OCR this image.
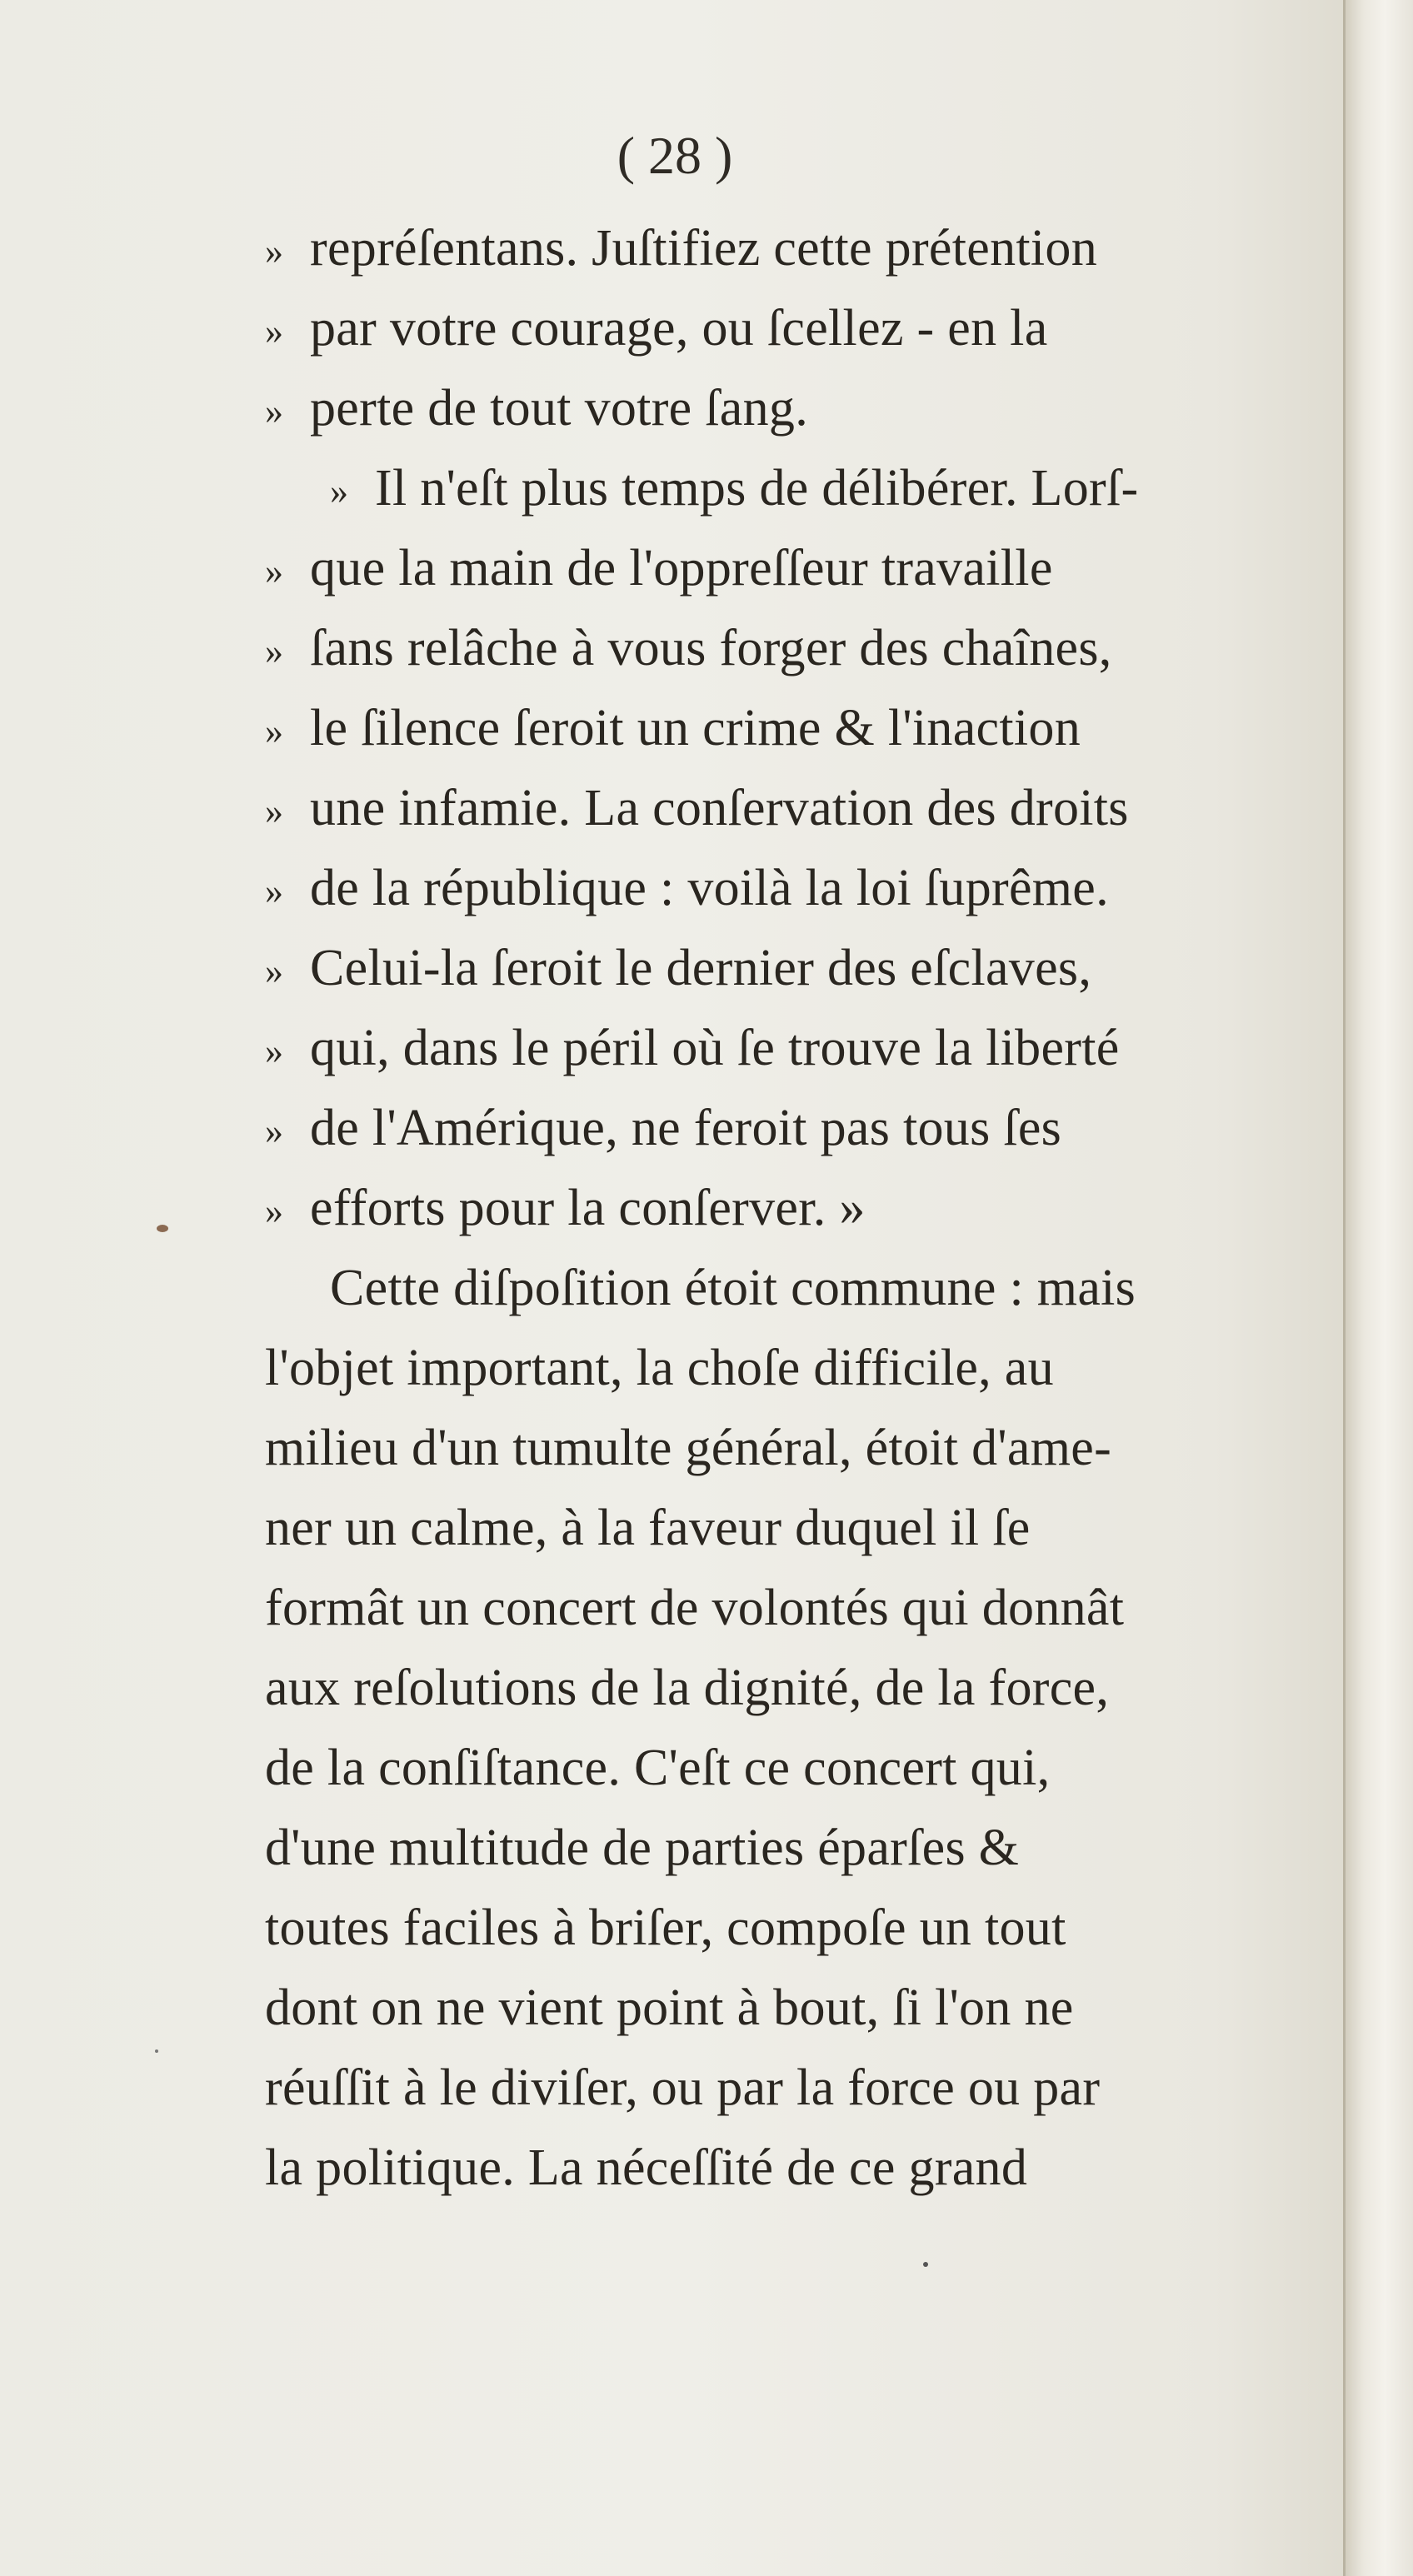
( 28 )
» repréſentans. Juſtifiez cette prétention
» par votre courage, ou ſcellez - en la
» perte de tout votre ſang.
» Il n'eſt plus temps de délibérer. Lorſ-
» que la main de l'oppreſſeur travaille
» ſans relâche à vous forger des chaînes,
» le ſilence ſeroit un crime & l'inaction
» une infamie. La conſervation des droits
» de la république : voilà la loi ſuprême.
» Celui-la ſeroit le dernier des eſclaves,
» qui, dans le péril où ſe trouve la liberté
» de l'Amérique, ne feroit pas tous ſes
» efforts pour la conſerver. »
Cette diſpoſition étoit commune : mais
l'objet important, la choſe difficile, au
milieu d'un tumulte général, étoit d'ame-
ner un calme, à la faveur duquel il ſe
formât un concert de volontés qui donnât
aux reſolutions de la dignité, de la force,
de la conſiſtance. C'eſt ce concert qui,
d'une multitude de parties éparſes &
toutes faciles à briſer, compoſe un tout
dont on ne vient point à bout, ſi l'on ne
réuſſit à le diviſer, ou par la force ou par
la politique. La néceſſité de ce grand
